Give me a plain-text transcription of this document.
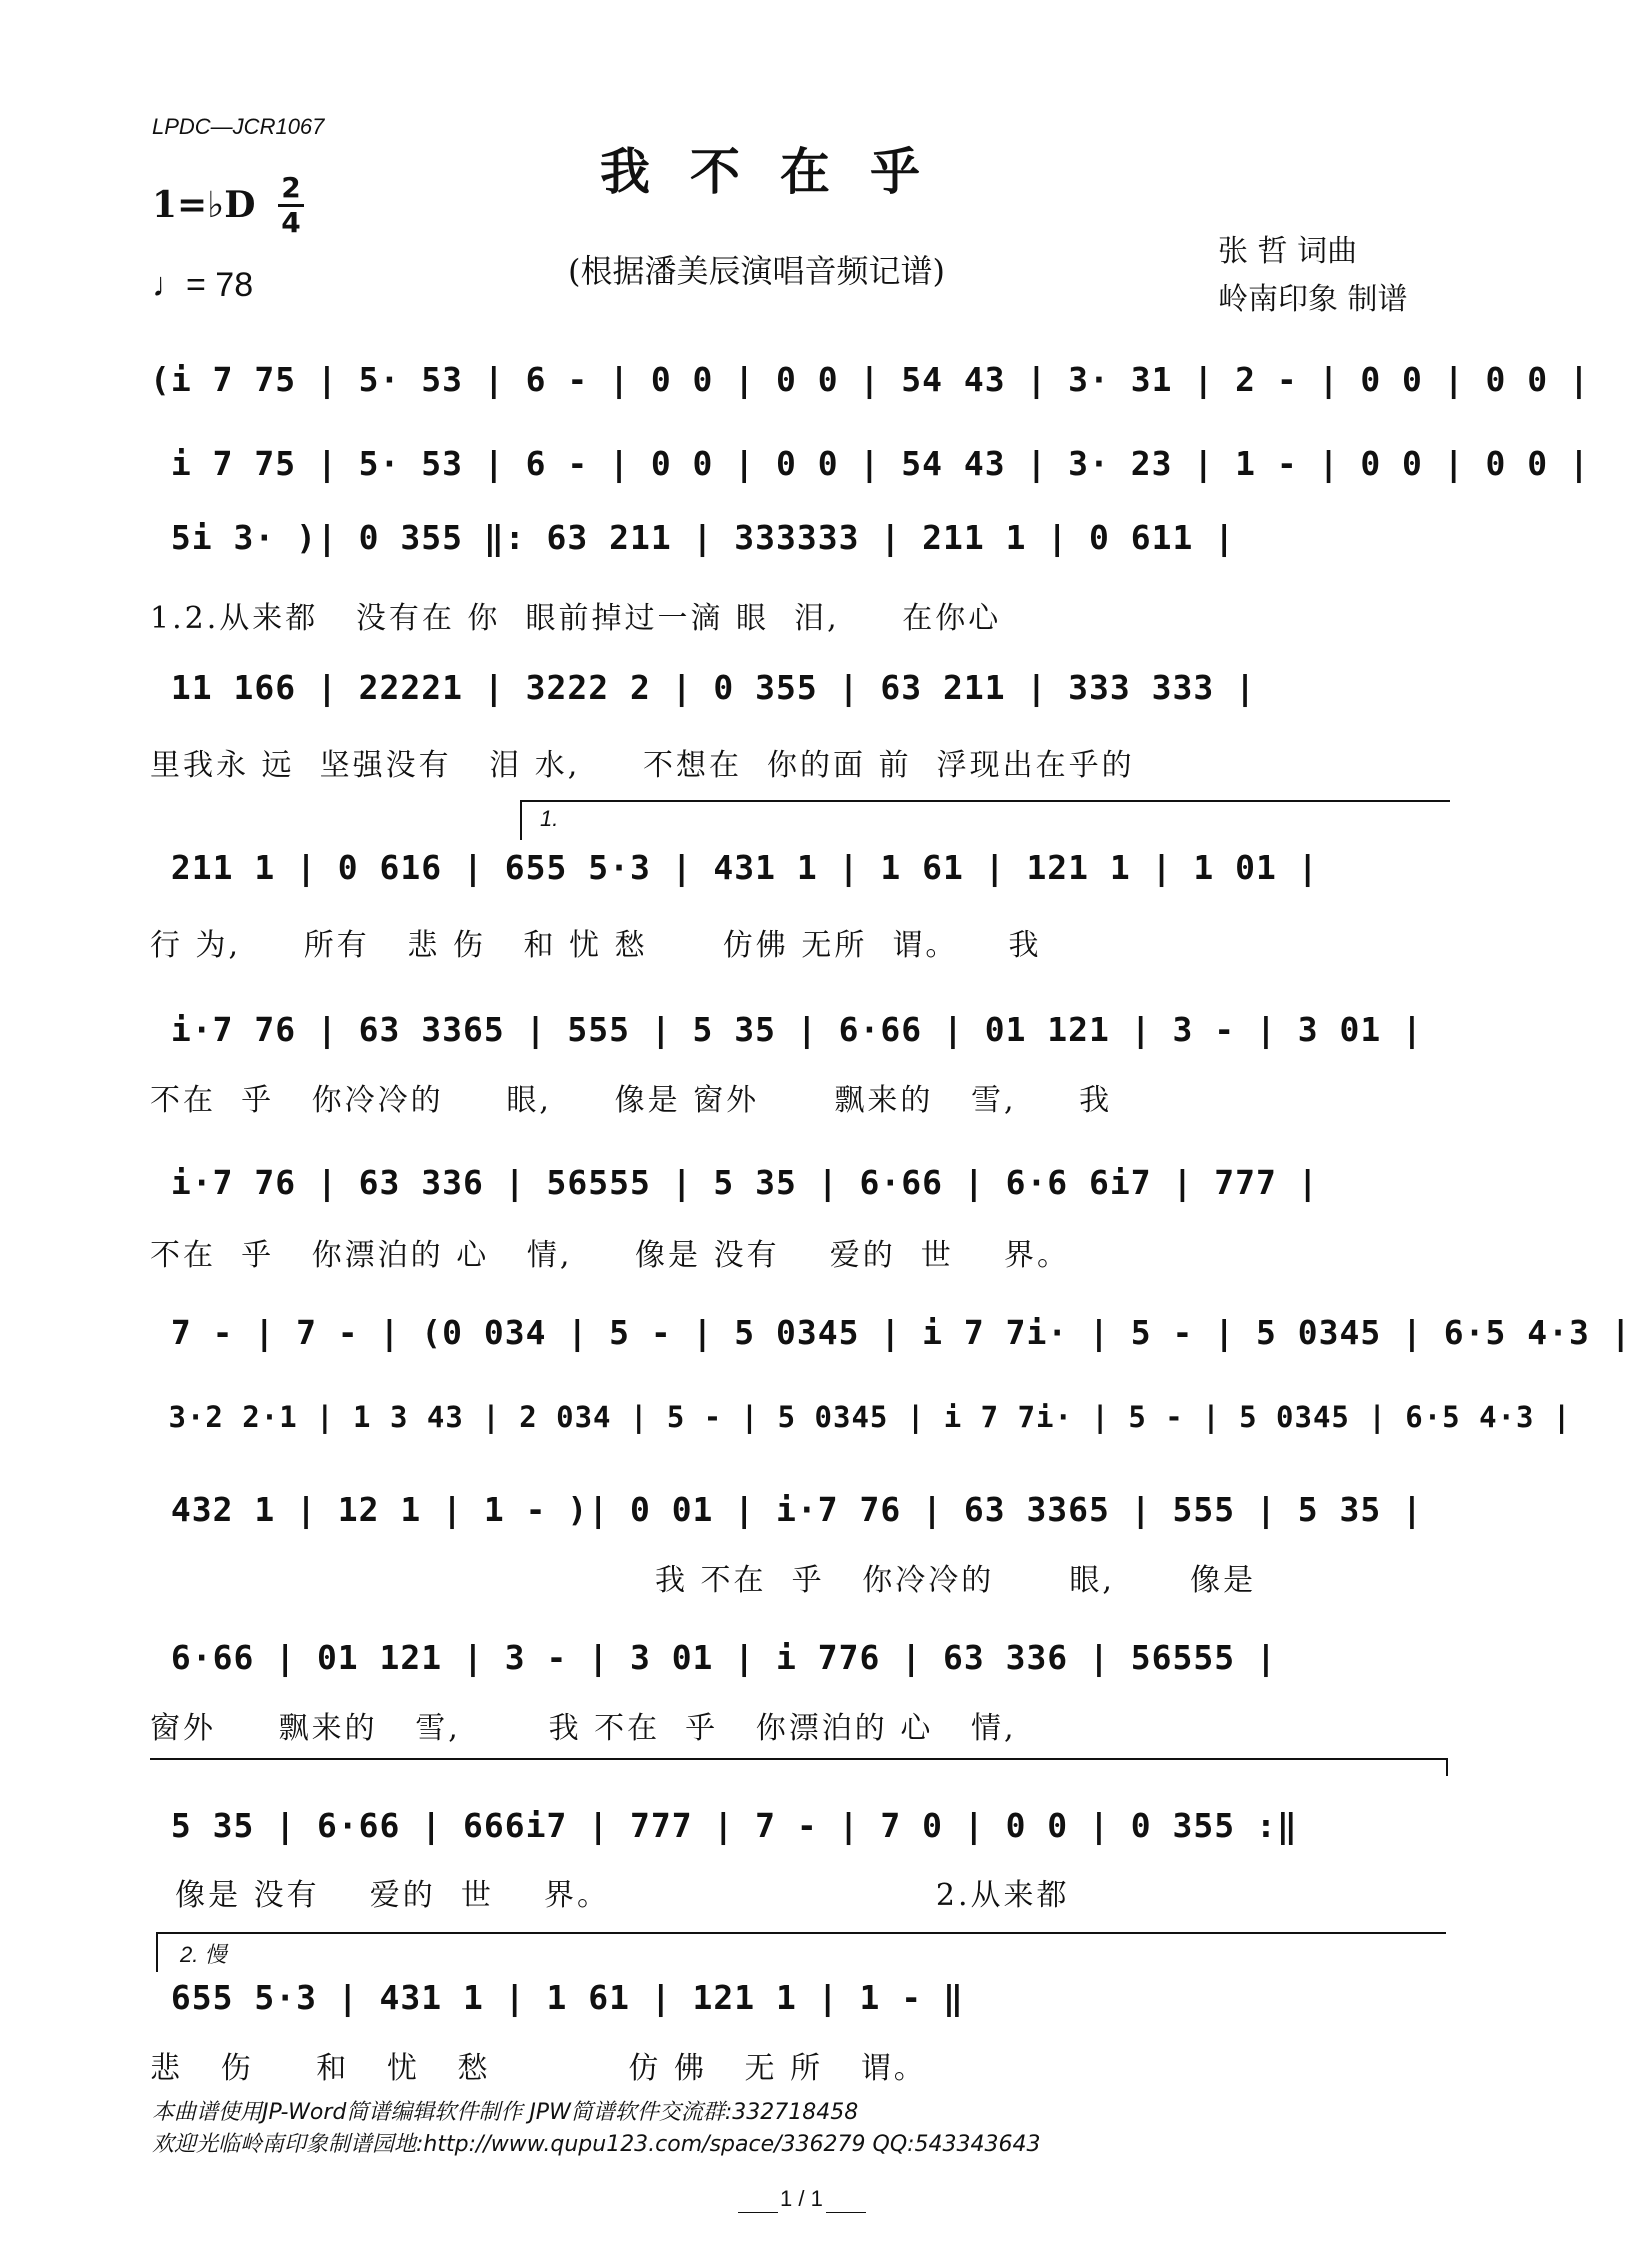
LPDC—JCR1067
我不在乎
1=♭D 2
4
♩= 78	(根据潘美辰演唱音频记谱)
张 哲 词曲
岭南印象 制谱
(i 7 75 | 5· 53 | 6 - | 0 0 | 0 0 | 54 43 | 3· 31 | 2 - | 0 0 | 0 0 |
i 7 75 | 5· 53 | 6 - | 0 0 | 0 0 | 54 43 | 3· 23 | 1 - | 0 0 | 0 0 |
5i 3· )| 0 355 ‖: 63 211 | 333333 | 211 1 | 0 611 |
1.2.从来都   没有在 你  眼前掉过一滴 眼  泪,     在你心
11 166 | 22221 | 3222 2 | 0 355 | 63 211 | 333 333 |
里我永 远  坚强没有   泪 水,     不想在  你的面 前  浮现出在乎的
1.
211 1 | 0 616 | 655 5·3 | 431 1 | 1 61 | 121 1 | 1 01 |
行 为,     所有   悲 伤   和 忧 愁      仿佛 无所  谓。    我
i·7 76 | 63 3365 | 555 | 5 35 | 6·66 | 01 121 | 3 - | 3 01 |
不在  乎   你冷冷的     眼,     像是 窗外      飘来的   雪,     我
i·7 76 | 63 336 | 56555 | 5 35 | 6·66 | 6·6 6i7 | 777 |
不在  乎   你漂泊的 心   情,     像是 没有    爱的  世    界。
7 - | 7 - | (0 034 | 5 - | 5 0345 | i 7 7i· | 5 - | 5 0345 | 6·5 4·3 |
3·2 2·1 | 1 3 43 | 2 034 | 5 - | 5 0345 | i 7 7i· | 5 - | 5 0345 | 6·5 4·3 |
432 1 | 12 1 | 1 - )| 0 01 | i·7 76 | 63 3365 | 555 | 5 35 |
我 不在  乎   你冷冷的      眼,      像是
6·66 | 01 121 | 3 - | 3 01 | i 776 | 63 336 | 56555 |
窗外     飘来的   雪,       我 不在  乎   你漂泊的 心   情,
5 35 | 6·66 | 666i7 | 777 | 7 - | 7 0 | 0 0 | 0 355 :‖
像是 没有    爱的  世    界。                          2.从来都
2. 慢
655 5·3 | 431 1 | 1 61 | 121 1 | 1 - ‖
悲   伤     和   忧   愁           仿 佛   无 所   谓。
本曲谱使用JP-Word简谱编辑软件制作 JPW简谱软件交流群:332718458
欢迎光临岭南印象制谱园地:http://www.qupu123.com/space/336279 QQ:543343643
1 / 1
